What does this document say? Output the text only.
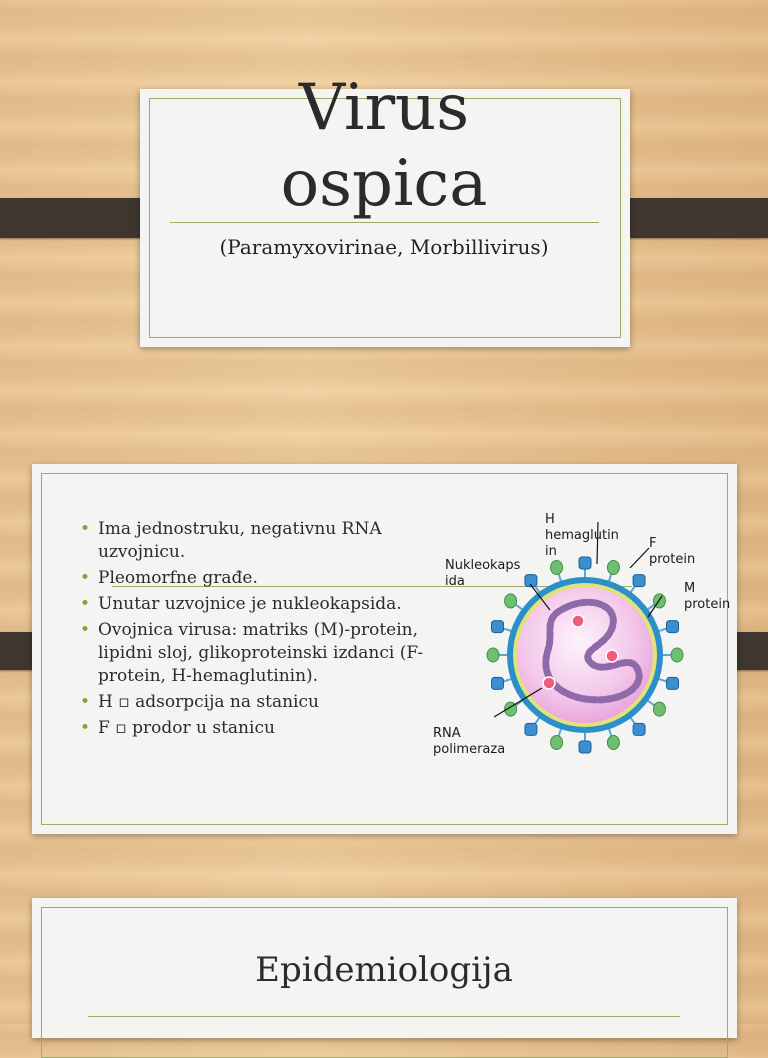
Virus
ospica
(Paramyxovirinae, Morbillivirus)
• Ima jednostruku, negativnu RNA uzvojnicu.
• Pleomorfne građe.
• Unutar uzvojnice je nukleokapsida.
• Ovojnica virusa: matriks (M)-protein, lipidni sloj, glikoproteinski izdanci (F-protein, H-hemaglutinin).
• H ▫ adsorpcija na stanicu
• F ▫ prodor u stanicu
H
hemaglutin
in
F
protein
Nukleokaps
ida	M
protein
RNA
polimeraza
Epidemiologija
